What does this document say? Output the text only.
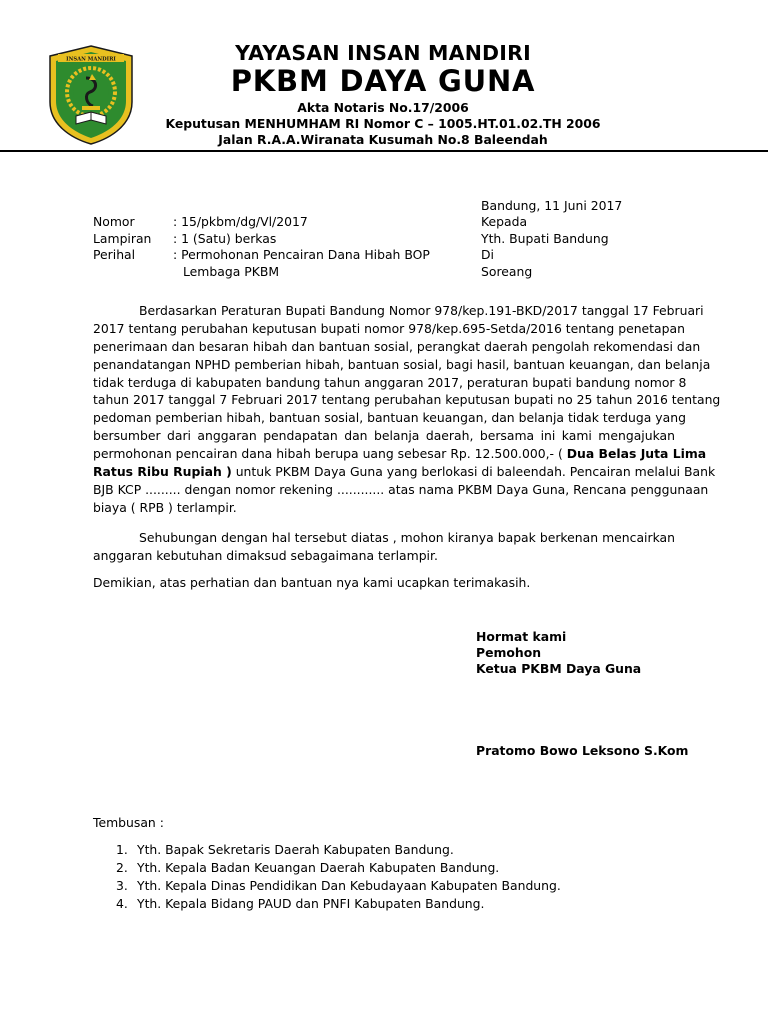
INSAN MANDIRI	YAYASAN INSAN MANDIRI
PKBM DAYA GUNA
Akta Notaris No.17/2006
Keputusan MENHUMHAM RI Nomor C – 1005.HT.01.02.TH 2006
Jalan R.A.A.Wiranata Kusumah No.8 Baleendah
Bandung, 11 Juni 2017
Kepada
Yth. Bupati Bandung
Di
Soreang
Nomor	: 15/pkbm/dg/Vl/2017
Lampiran : 1 (Satu) berkas
Perihal	: Permohonan Pencairan Dana Hibah BOP
Lembaga PKBM
Berdasarkan Peraturan Bupati Bandung Nomor 978/kep.191-BKD/2017 tanggal 17 Februari
2017 tentang perubahan keputusan bupati nomor 978/kep.695-Setda/2016 tentang penetapan
penerimaan dan besaran hibah dan bantuan sosial, perangkat daerah pengolah rekomendasi dan
penandatangan NPHD pemberian hibah, bantuan sosial, bagi hasil, bantuan keuangan, dan belanja
tidak terduga di kabupaten bandung tahun anggaran 2017, peraturan bupati bandung nomor 8
tahun 2017 tanggal 7 Februari 2017 tentang perubahan keputusan bupati no 25 tahun 2016 tentang
pedoman pemberian hibah, bantuan sosial, bantuan keuangan, dan belanja tidak terduga yang
bersumber dari anggaran pendapatan dan belanja daerah, bersama ini kami mengajukan
permohonan pencairan dana hibah berupa uang sebesar Rp. 12.500.000,- ( Dua Belas Juta Lima
Ratus Ribu Rupiah ) untuk PKBM Daya Guna yang berlokasi di baleendah. Pencairan melalui Bank
BJB KCP ......... dengan nomor rekening ............ atas nama PKBM Daya Guna, Rencana penggunaan
biaya ( RPB ) terlampir.
Sehubungan dengan hal tersebut diatas , mohon kiranya bapak berkenan mencairkan
anggaran kebutuhan dimaksud sebagaimana terlampir.
Demikian, atas perhatian dan bantuan nya kami ucapkan terimakasih.
Hormat kami
Pemohon
Ketua PKBM Daya Guna
Pratomo Bowo Leksono S.Kom
Tembusan :
1. Yth. Bapak Sekretaris Daerah Kabupaten Bandung.
2. Yth. Kepala Badan Keuangan Daerah Kabupaten Bandung.
3. Yth. Kepala Dinas Pendidikan Dan Kebudayaan Kabupaten Bandung.
4. Yth. Kepala Bidang PAUD dan PNFI Kabupaten Bandung.
